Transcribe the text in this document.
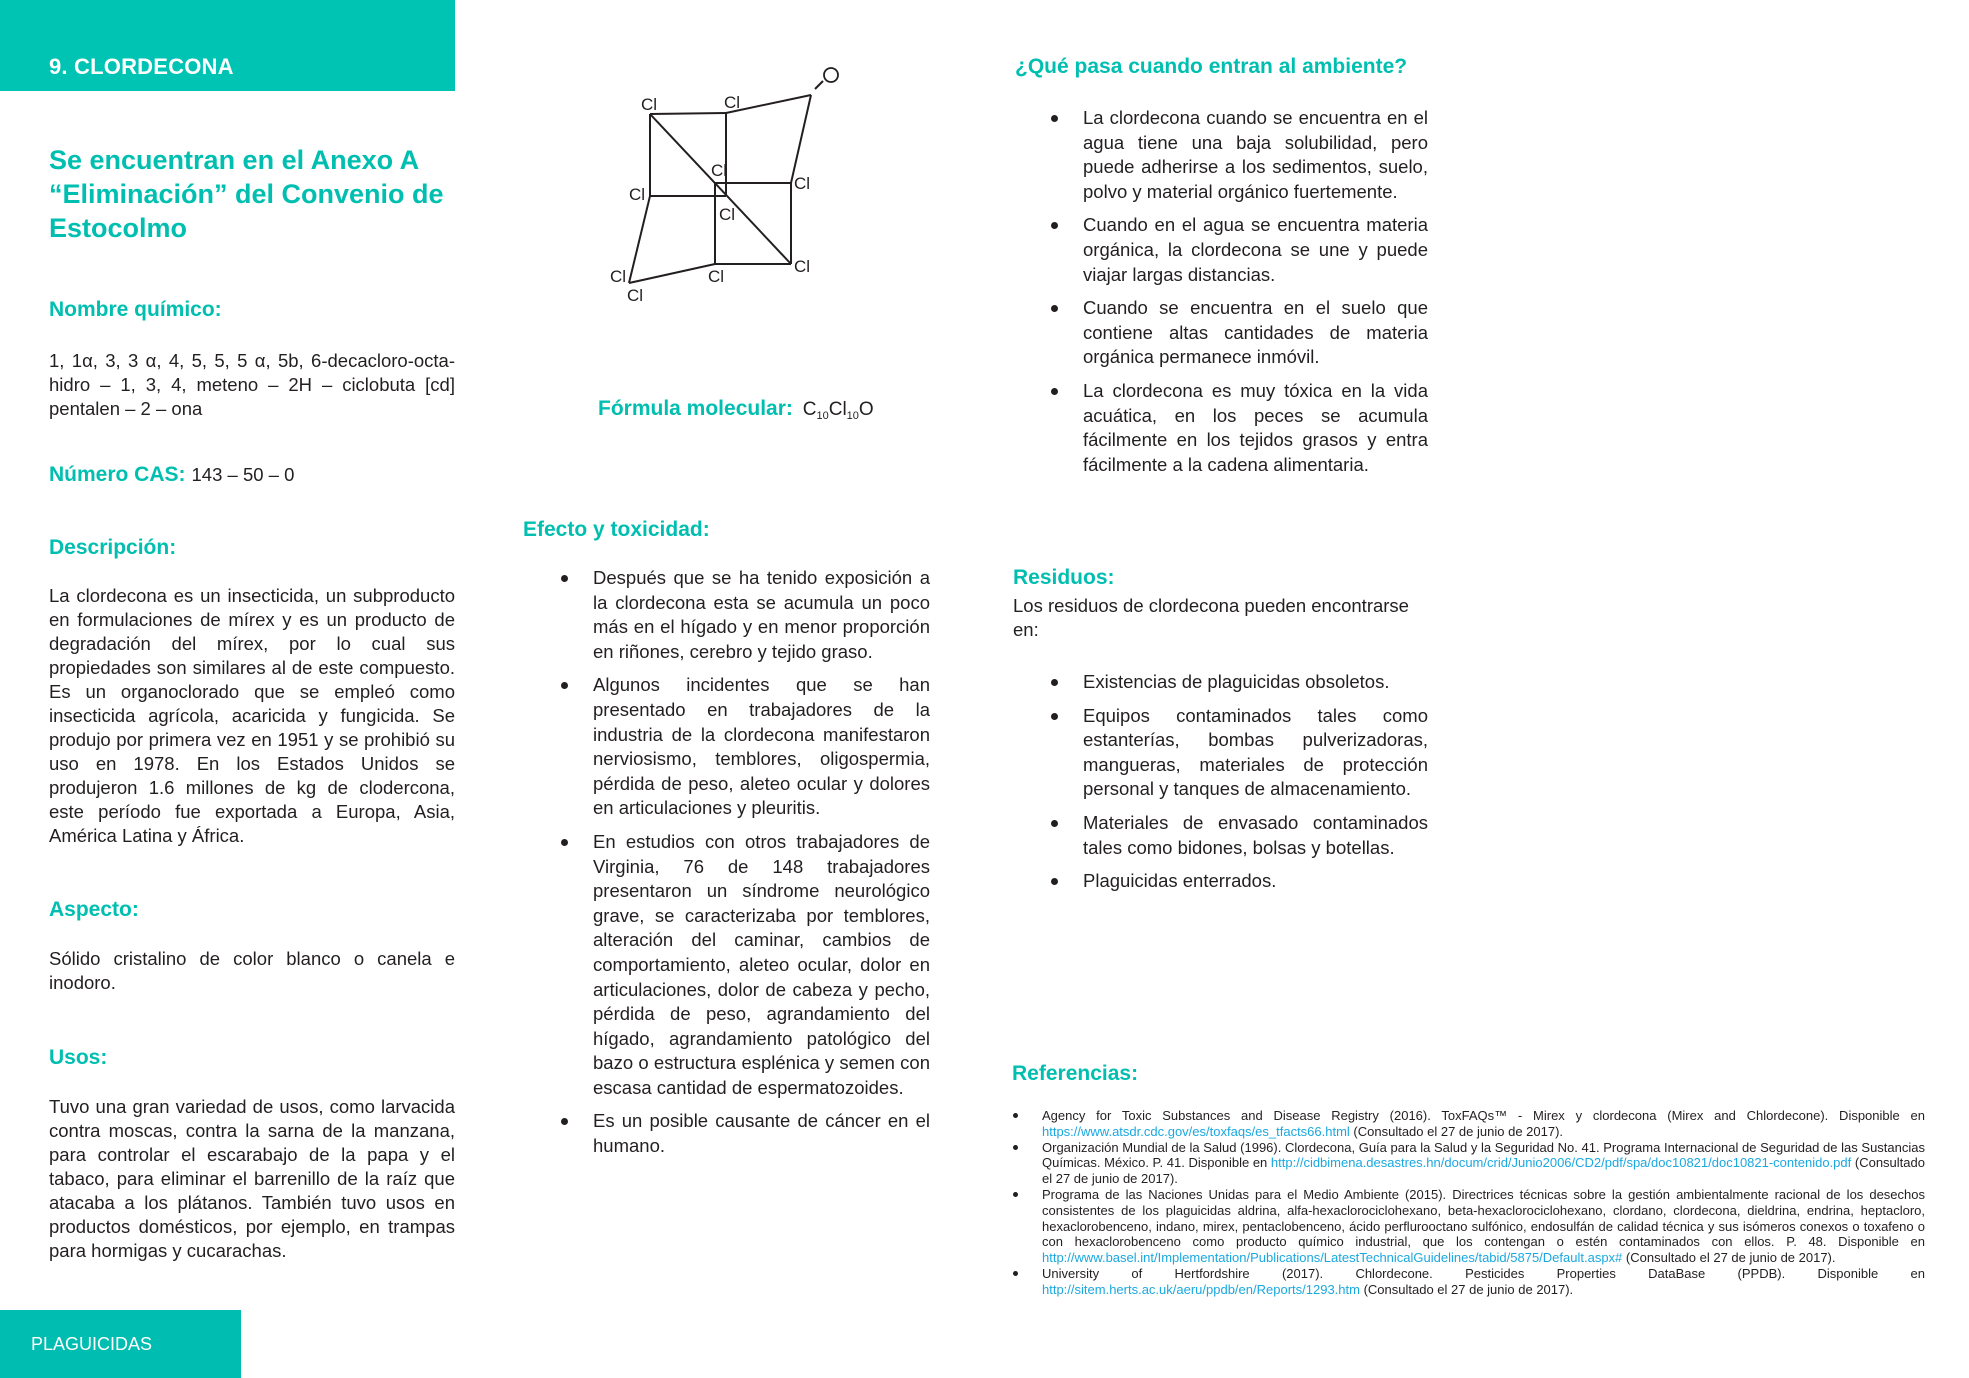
9. CLORDECONA
Se encuentran en el Anexo A “Eliminación” del Convenio de Estocolmo
Nombre químico:
1, 1α, 3, 3 α, 4, 5, 5, 5 α, 5b, 6-decacloro-octa-hidro – 1, 3, 4, meteno – 2H – ciclobuta [cd] pentalen – 2 – ona
Número CAS: 143 – 50 – 0
Descripción:
La clordecona es un insecticida, un subproducto en formulaciones de mírex y es un producto de degradación del mírex, por lo cual sus propiedades son similares al de este compuesto. Es un organoclorado que se empleó como insecticida agrícola, acaricida y fungicida. Se produjo por primera vez en 1951 y se prohibió su uso en 1978. En los Estados Unidos se produjeron 1.6 millones de kg de clodercona, este período fue exportada a Europa, Asia, América Latina y África.
Aspecto:
Sólido cristalino de color blanco o canela e inodoro.
Usos:
Tuvo una gran variedad de usos, como larvacida contra moscas, contra la sarna de la manzana, para controlar el escarabajo de la papa y el tabaco, para eliminar el barrenillo de la raíz que atacaba a los plátanos. También tuvo usos en productos domésticos, por ejemplo, en trampas para hormigas y cucarachas.
Cl	Cl
Cl
Cl
Cl
Cl
Cl
Cl
Cl
Cl
Fórmula molecular: $C_{10}Cl_{10}O$
Efecto y toxicidad:
Después que se ha tenido exposición a la clordecona esta se acumula un poco más en el hígado y en menor proporción en riñones, cerebro y tejido graso.
Algunos incidentes que se han presentado en trabajadores de la industria de la clordecona manifestaron nerviosismo, temblores, oligospermia, pérdida de peso, aleteo ocular y dolores en articulaciones y pleuritis.
En estudios con otros trabajadores de Virginia, 76 de 148 trabajadores presentaron un síndrome neurológico grave, se caracterizaba por temblores, alteración del caminar, cambios de comportamiento, aleteo ocular, dolor en articulaciones, dolor de cabeza y pecho, pérdida de peso, agrandamiento del hígado, agrandamiento patológico del bazo o estructura esplénica y semen con escasa cantidad de espermatozoides.
Es un posible causante de cáncer en el humano.
¿Qué pasa cuando entran al ambiente?
La clordecona cuando se encuentra en el agua tiene una baja solubilidad, pero puede adherirse a los sedimentos, suelo, polvo y material orgánico fuertemente.
Cuando en el agua se encuentra materia orgánica, la clordecona se une y puede viajar largas distancias.
Cuando se encuentra en el suelo que contiene altas cantidades de materia orgánica permanece inmóvil.
La clordecona es muy tóxica en la vida acuática, en los peces se acumula fácilmente en los tejidos grasos y entra fácilmente a la cadena alimentaria.
Residuos:
Los residuos de clordecona pueden encontrarse en:
Existencias de plaguicidas obsoletos.
Equipos contaminados tales como estanterías, bombas pulverizadoras, mangueras, materiales de protección personal y tanques de almacenamiento.
Materiales de envasado contaminados tales como bidones, bolsas y botellas.
Plaguicidas enterrados.
Referencias:
Agency for Toxic Substances and Disease Registry (2016). ToxFAQs™ - Mirex y clordecona (Mirex and Chlordecone). Disponible en https://www.atsdr.cdc.gov/es/toxfaqs/es_tfacts66.html (Consultado el 27 de junio de 2017).
Organización Mundial de la Salud (1996). Clordecona, Guía para la Salud y la Seguridad No. 41. Programa Internacional de Seguridad de las Sustancias Químicas. México. P. 41. Disponible en http://cidbimena.desastres.hn/docum/crid/Junio2006/CD2/pdf/spa/doc10821/doc10821-contenido.pdf (Consultado el 27 de junio de 2017).
Programa de las Naciones Unidas para el Medio Ambiente (2015). Directrices técnicas sobre la gestión ambientalmente racional de los desechos consistentes de los plaguicidas aldrina, alfa-hexaclorociclohexano, beta-hexaclorociclohexano, clordano, clordecona, dieldrina, endrina, heptacloro, hexaclorobenceno, indano, mirex, pentaclobenceno, ácido perflurooctano sulfónico, endosulfán de calidad técnica y sus isómeros conexos o toxafeno o con hexaclorobenceno como producto químico industrial, que los contengan o estén contaminados con ellos. P. 48. Disponible en http://www.basel.int/Implementation/Publications/LatestTechnicalGuidelines/tabid/5875/Default.aspx# (Consultado el 27 de junio de 2017).
University of Hertfordshire (2017). Chlordecone. Pesticides Properties DataBase (PPDB). Disponible en http://sitem.herts.ac.uk/aeru/ppdb/en/Reports/1293.htm (Consultado el 27 de junio de 2017).
PLAGUICIDAS
